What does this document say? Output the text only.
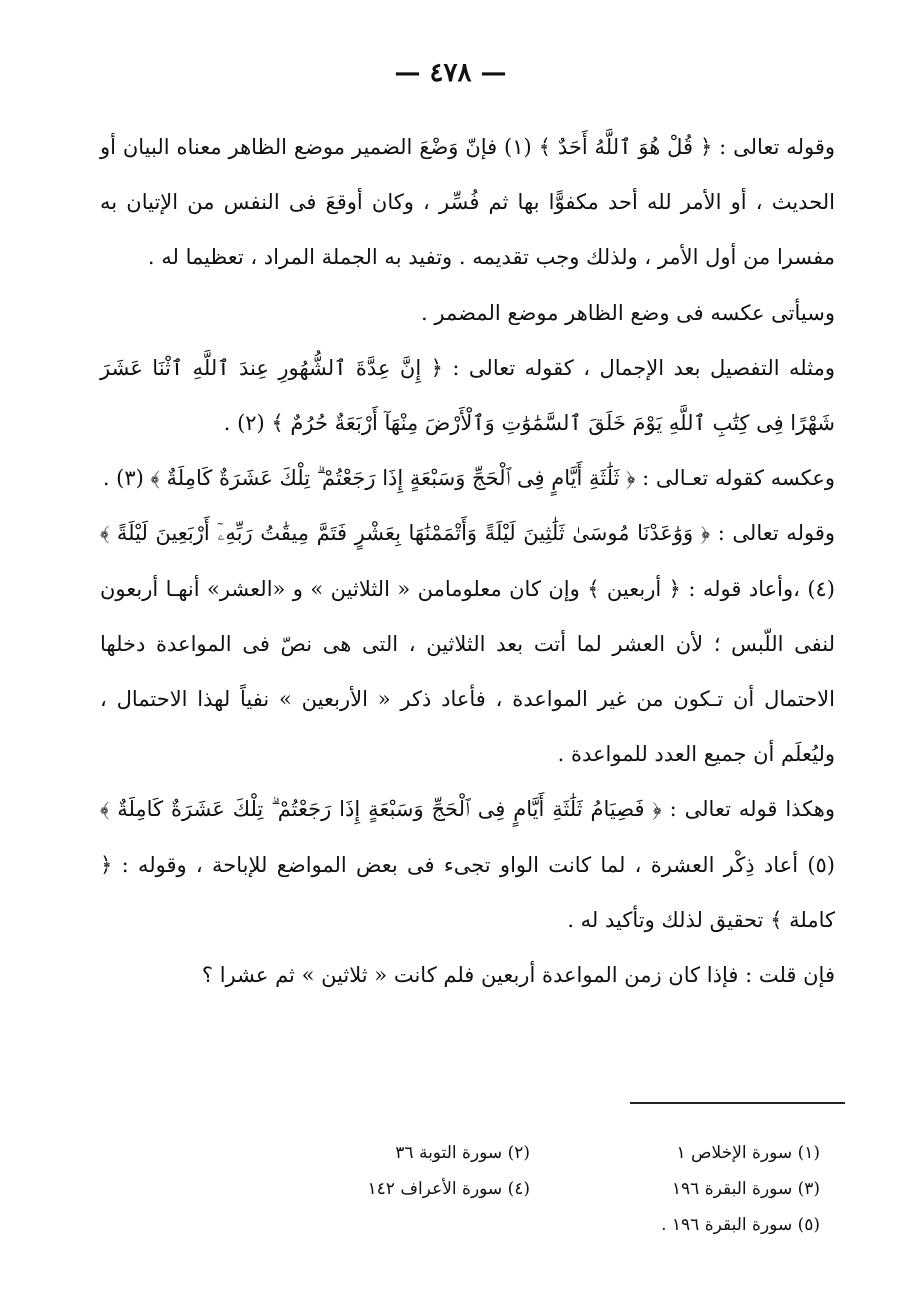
— ٤٧٨ —

وقوله تعالى : ﴿ قُلْ هُوَ ٱللَّهُ أَحَدٌ ﴾ (١) فإنّ وَضْعَ الضمير موضع الظاهر معناه البيان أو الحديث ، أو الأمر لله أحد مكفوًّا بها ثم فُسِّر ، وكان أوقعَ فى النفس من الإتيان به مفسرا من أول الأمر ، ولذلك وجب تقديمه . وتفيد به الجملة المراد ، تعظيما له .

وسيأتى عكسه فى وضع الظاهر موضع المضمر .

ومثله التفصيل بعد الإجمال ، كقوله تعالى : ﴿ إِنَّ عِدَّةَ ٱلشُّهُورِ عِندَ ٱللَّهِ ٱثْنَا عَشَرَ شَهْرًا فِى كِتَٰبِ ٱللَّهِ يَوْمَ خَلَقَ ٱلسَّمَٰوَٰتِ وَٱلْأَرْضَ مِنْهَآ أَرْبَعَةٌ حُرُمٌ ﴾ (٢) .

وعكسه كقوله تعـالى : ﴿ ثَلَٰثَةِ أَيَّامٍ فِى ٱلْحَجِّ وَسَبْعَةٍ إِذَا رَجَعْتُمْ ۗ تِلْكَ عَشَرَةٌ كَامِلَةٌ ﴾ (٣) .

وقوله تعالى : ﴿ وَوَٰعَدْنَا مُوسَىٰ ثَلَٰثِينَ لَيْلَةً وَأَتْمَمْنَٰهَا بِعَشْرٍ فَتَمَّ مِيقَٰتُ رَبِّهِۦٓ أَرْبَعِينَ لَيْلَةً ﴾ (٤) ،وأعاد قوله : ﴿ أربعين ﴾ وإن كان معلومامن « الثلاثين » و «العشر» أنهـا أربعون لنفى اللّبس ؛ لأن العشر لما أتت بعد الثلاثين ، التى هى نصّ فى المواعدة دخلها الاحتمال أن تـكون من غير المواعدة ، فأعاد ذكر « الأربعين » نفياً لهذا الاحتمال ، وليُعلَم أن جميع العدد للمواعدة .

وهكذا قوله تعالى : ﴿ فَصِيَامُ ثَلَٰثَةِ أَيَّامٍ فِى ٱلْحَجِّ وَسَبْعَةٍ إِذَا رَجَعْتُمْ ۗ تِلْكَ عَشَرَةٌ كَامِلَةٌ ﴾ (٥) أعاد ذِكْر العشرة ، لما كانت الواو تجىء فى بعض المواضع للإباحة ، وقوله : ﴿ كاملة ﴾ تحقيق لذلك وتأكيد له .

فإن قلت : فإذا كان زمن المواعدة أربعين فلم كانت « ثلاثين » ثم عشرا ؟

(١) سورة الإخلاص ١
(٢) سورة التوبة ٣٦
(٣) سورة البقرة ١٩٦
(٤) سورة الأعراف ١٤٢
(٥) سورة البقرة ١٩٦ .
